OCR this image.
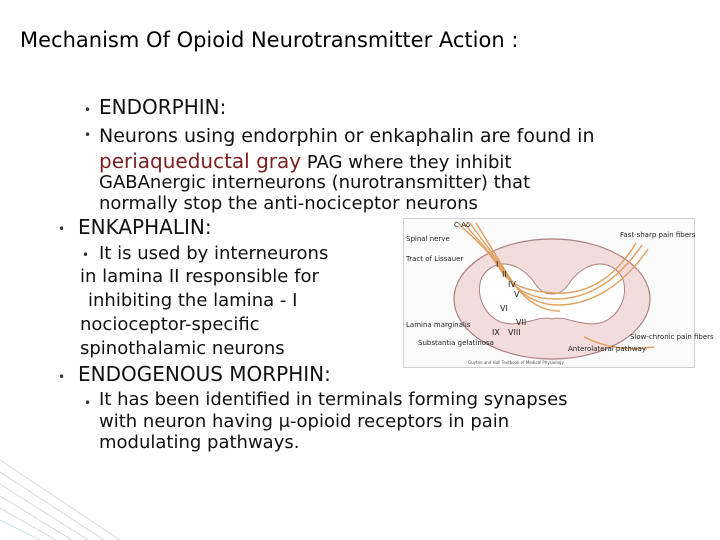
Mechanism Of Opioid Neurotransmitter Action :
• ENDORPHIN:
• Neurons using endorphin or enkaphalin are found in
periaqueductal gray PAG where they inhibit
GABAnergic interneurons (nurotransmitter) that
normally stop the anti-nociceptor neurons
• ENKAPHALIN:
• It is used by interneurons
in lamina II responsible for
inhibiting the lamina - I
nocioceptor-specific
spinothalamic neurons
• ENDOGENOUS MORPHIN:
• It has been identified in terminals forming synapses
with neuron having μ-opioid receptors in pain
modulating pathways.
I
II
IV
V
VI
VII
IX VIII
C Aδ
Spinal nerve
Tract of Lissauer
Fast-sharp pain fibers
Lamina marginalis
Substantia gelatinosa
Slow-chronic pain fibers
Anterolateral pathway
Guyton and Hall Textbook of Medical Physiology
